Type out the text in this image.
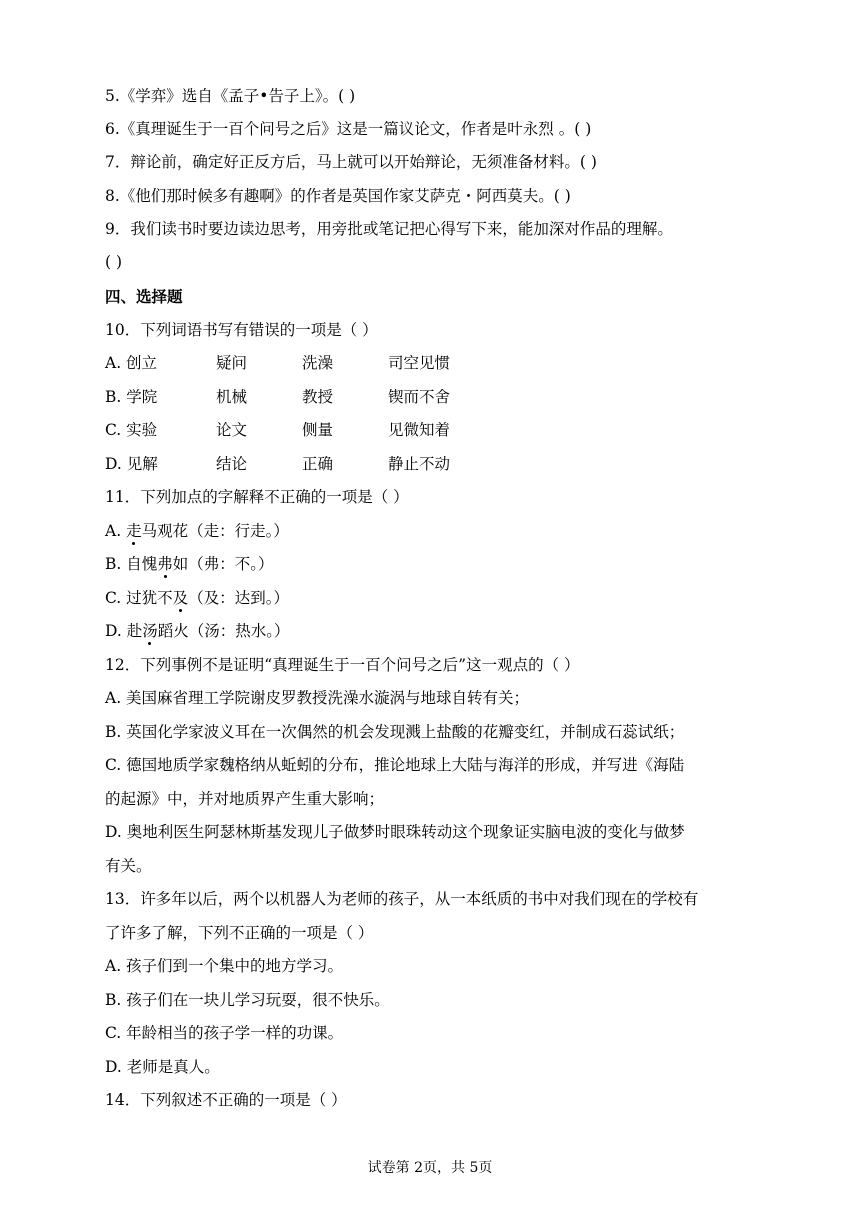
5.《学弈》选自《孟子•告子上》。( )
6.《真理诞生于一百个问号之后》这是一篇议论文，作者是叶永烈 。( )
7．辩论前，确定好正反方后，马上就可以开始辩论，无须准备材料。( )
8.《他们那时候多有趣啊》的作者是英国作家艾萨克・阿西莫夫。( )
9．我们读书时要边读边思考，用旁批或笔记把心得写下来，能加深对作品的理解。
( )
四、选择题
10．下列词语书写有错误的一项是（ ）
A. 创立	疑问	洗澡	司空见惯
B. 学院	机械	教授	锲而不舍
C. 实验	论文	侧量	见微知着
D. 见解	结论	正确	静止不动
11．下列加点的字解释不正确的一项是（ ）
A. 走马观花（走：行走。）
B. 自愧弗如（弗：不。）
C. 过犹不及（及：达到。）
D. 赴汤蹈火（汤：热水。）
12．下列事例不是证明“真理诞生于一百个问号之后”这一观点的（ ）
A. 美国麻省理工学院谢皮罗教授洗澡水漩涡与地球自转有关；
B. 英国化学家波义耳在一次偶然的机会发现溅上盐酸的花瓣变红，并制成石蕊试纸；
C. 德国地质学家魏格纳从蚯蚓的分布，推论地球上大陆与海洋的形成，并写进《海陆
的起源》中，并对地质界产生重大影响；
D. 奥地利医生阿瑟林斯基发现儿子做梦时眼珠转动这个现象证实脑电波的变化与做梦
有关。
13．许多年以后，两个以机器人为老师的孩子，从一本纸质的书中对我们现在的学校有
了许多了解，下列不正确的一项是（ ）
A. 孩子们到一个集中的地方学习。
B. 孩子们在一块儿学习玩耍，很不快乐。
C. 年龄相当的孩子学一样的功课。
D. 老师是真人。
14．下列叙述不正确的一项是（ ）
试卷第 2页，共 5页
